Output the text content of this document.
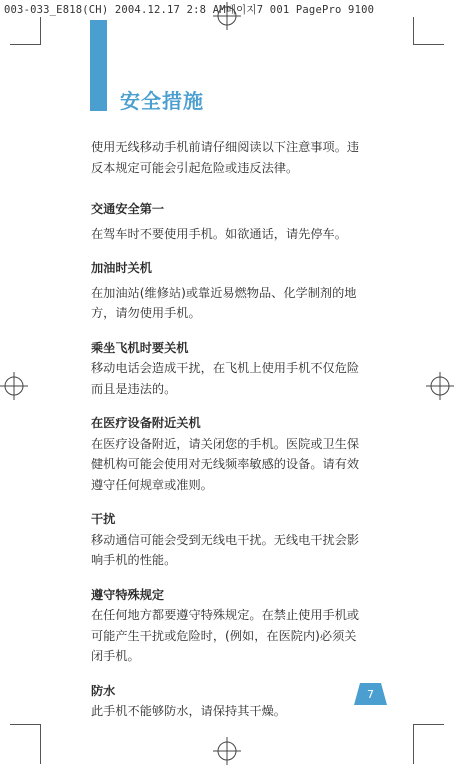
003-033_E818(CH) 2004.12.17 2:8 AM페이지7 001 PagePro 9100
安全措施

使用无线移动手机前请仔细阅读以下注意事项。违反本规定可能会引起危险或违反法律。

交通安全第一

在驾车时不要使用手机。如欲通话，请先停车。

加油时关机

在加油站(维修站)或靠近易燃物品、化学制剂的地方，请勿使用手机。

乘坐飞机时要关机

移动电话会造成干扰，在飞机上使用手机不仅危险而且是违法的。

在医疗设备附近关机

在医疗设备附近，请关闭您的手机。医院或卫生保健机构可能会使用对无线频率敏感的设备。请有效遵守任何规章或准则。

干扰

移动通信可能会受到无线电干扰。无线电干扰会影响手机的性能。

遵守特殊规定

在任何地方都要遵守特殊规定。在禁止使用手机或可能产生干扰或危险时，(例如，在医院内)必须关闭手机。

防水

此手机不能够防水，请保持其干燥。

7
